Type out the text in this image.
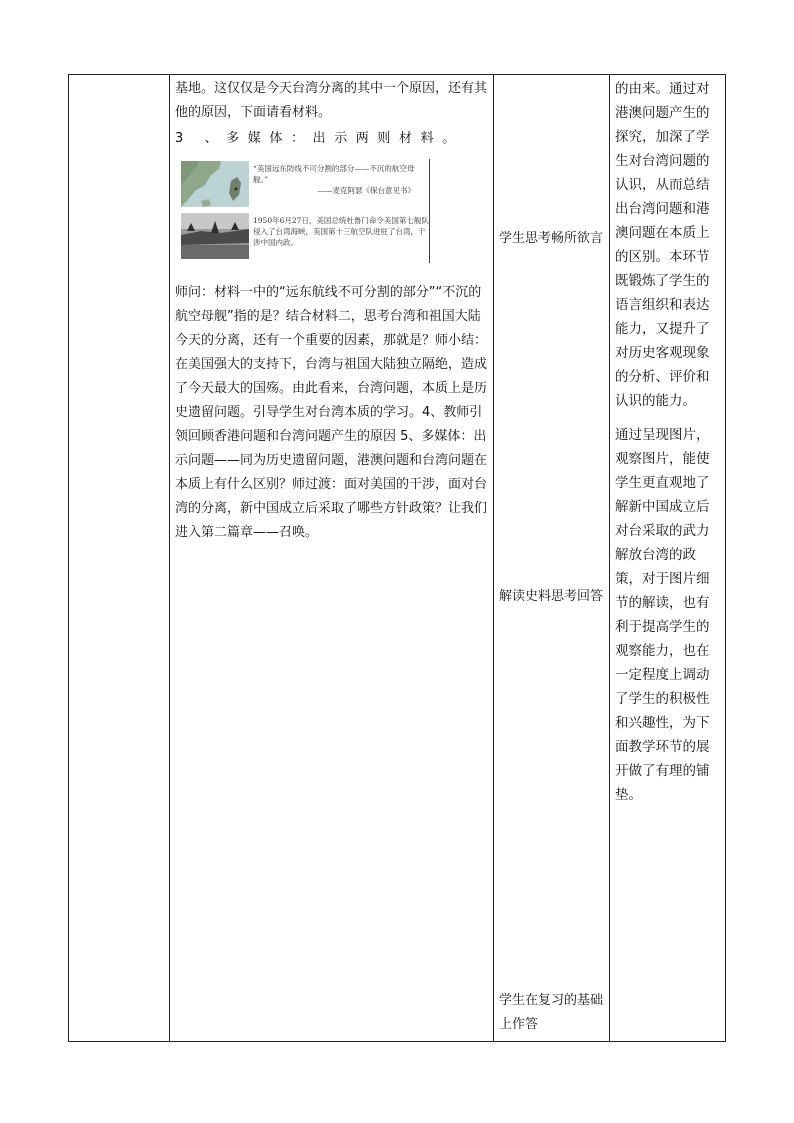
基地。这仅仅是今天台湾分离的其中一个原因，还有其他的原因，下面请看材料。

3 、多媒体：出示两则材料。

“美国远东防线不可分割的部分——不沉的航空母舰。”
——麦克阿瑟《保台意见书》
1950年6月27日，美国总统杜鲁门命令美国第七舰队侵入了台湾海峡，美国第十三航空队进驻了台湾，干涉中国内政。

师问：材料一中的“远东航线不可分割的部分”“不沉的航空母舰”指的是？结合材料二，思考台湾和祖国大陆今天的分离，还有一个重要的因素，那就是？师小结：在美国强大的支持下，台湾与祖国大陆独立隔绝，造成了今天最大的国殇。由此看来，台湾问题，本质上是历史遗留问题。引导学生对台湾本质的学习。4、教师引领回顾香港问题和台湾问题产生的原因 5、多媒体：出示问题——同为历史遗留问题，港澳问题和台湾问题在本质上有什么区别？师过渡：面对美国的干涉，面对台湾的分离，新中国成立后采取了哪些方针政策？让我们进入第二篇章——召唤。

学生思考畅所欲言
解读史料思考回答
学生在复习的基础上作答

的由来。通过对港澳问题产生的探究，加深了学生对台湾问题的认识，从而总结出台湾问题和港澳问题在本质上的区别。本环节既锻炼了学生的语言组织和表达能力，又提升了对历史客观现象的分析、评价和认识的能力。

通过呈现图片，观察图片，能使学生更直观地了解新中国成立后对台采取的武力解放台湾的政策，对于图片细节的解读，也有利于提高学生的观察能力，也在一定程度上调动了学生的积极性和兴趣性，为下面教学环节的展开做了有理的铺垫。
